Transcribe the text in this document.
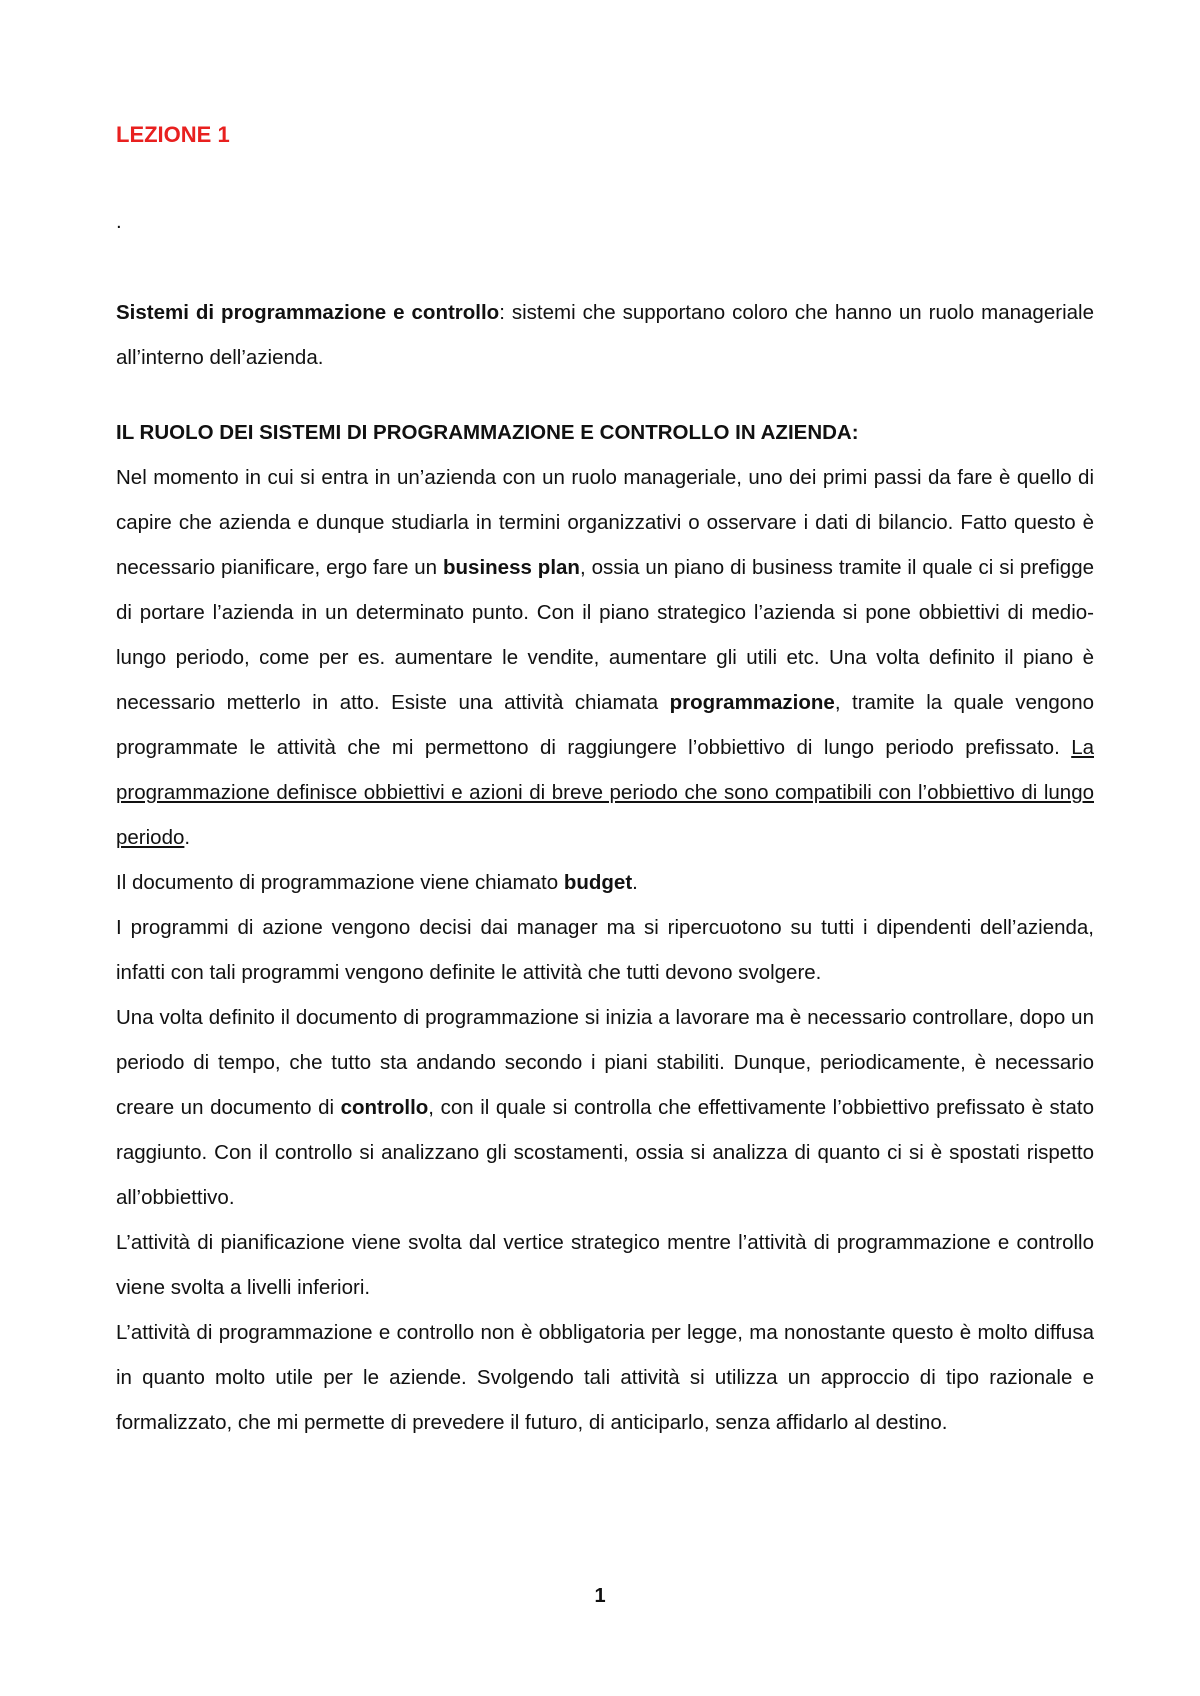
LEZIONE 1
.

Sistemi di programmazione e controllo: sistemi che supportano coloro che hanno un ruolo manageriale all’interno dell’azienda.

IL RUOLO DEI SISTEMI DI PROGRAMMAZIONE E CONTROLLO IN AZIENDA:

Nel momento in cui si entra in un’azienda con un ruolo manageriale, uno dei primi passi da fare è quello di capire che azienda e dunque studiarla in termini organizzativi o osservare i dati di bilancio. Fatto questo è necessario pianificare, ergo fare un business plan, ossia un piano di business tramite il quale ci si prefigge di portare l’azienda in un determinato punto. Con il piano strategico l’azienda si pone obbiettivi di medio-lungo periodo, come per es. aumentare le vendite, aumentare gli utili etc. Una volta definito il piano è necessario metterlo in atto. Esiste una attività chiamata programmazione, tramite la quale vengono programmate le attività che mi permettono di raggiungere l’obbiettivo di lungo periodo prefissato. La programmazione definisce obbiettivi e azioni di breve periodo che sono compatibili con l’obbiettivo di lungo periodo.

Il documento di programmazione viene chiamato budget.

I programmi di azione vengono decisi dai manager ma si ripercuotono su tutti i dipendenti dell’azienda, infatti con tali programmi vengono definite le attività che tutti devono svolgere.

Una volta definito il documento di programmazione si inizia a lavorare ma è necessario controllare, dopo un periodo di tempo, che tutto sta andando secondo i piani stabiliti. Dunque, periodicamente, è necessario creare un documento di controllo, con il quale si controlla che effettivamente l’obbiettivo prefissato è stato raggiunto. Con il controllo si analizzano gli scostamenti, ossia si analizza di quanto ci si è spostati rispetto all’obbiettivo.

L’attività di pianificazione viene svolta dal vertice strategico mentre l’attività di programmazione e controllo viene svolta a livelli inferiori.

L’attività di programmazione e controllo non è obbligatoria per legge, ma nonostante questo è molto diffusa in quanto molto utile per le aziende. Svolgendo tali attività si utilizza un approccio di tipo razionale e formalizzato, che mi permette di prevedere il futuro, di anticiparlo, senza affidarlo al destino.

1
